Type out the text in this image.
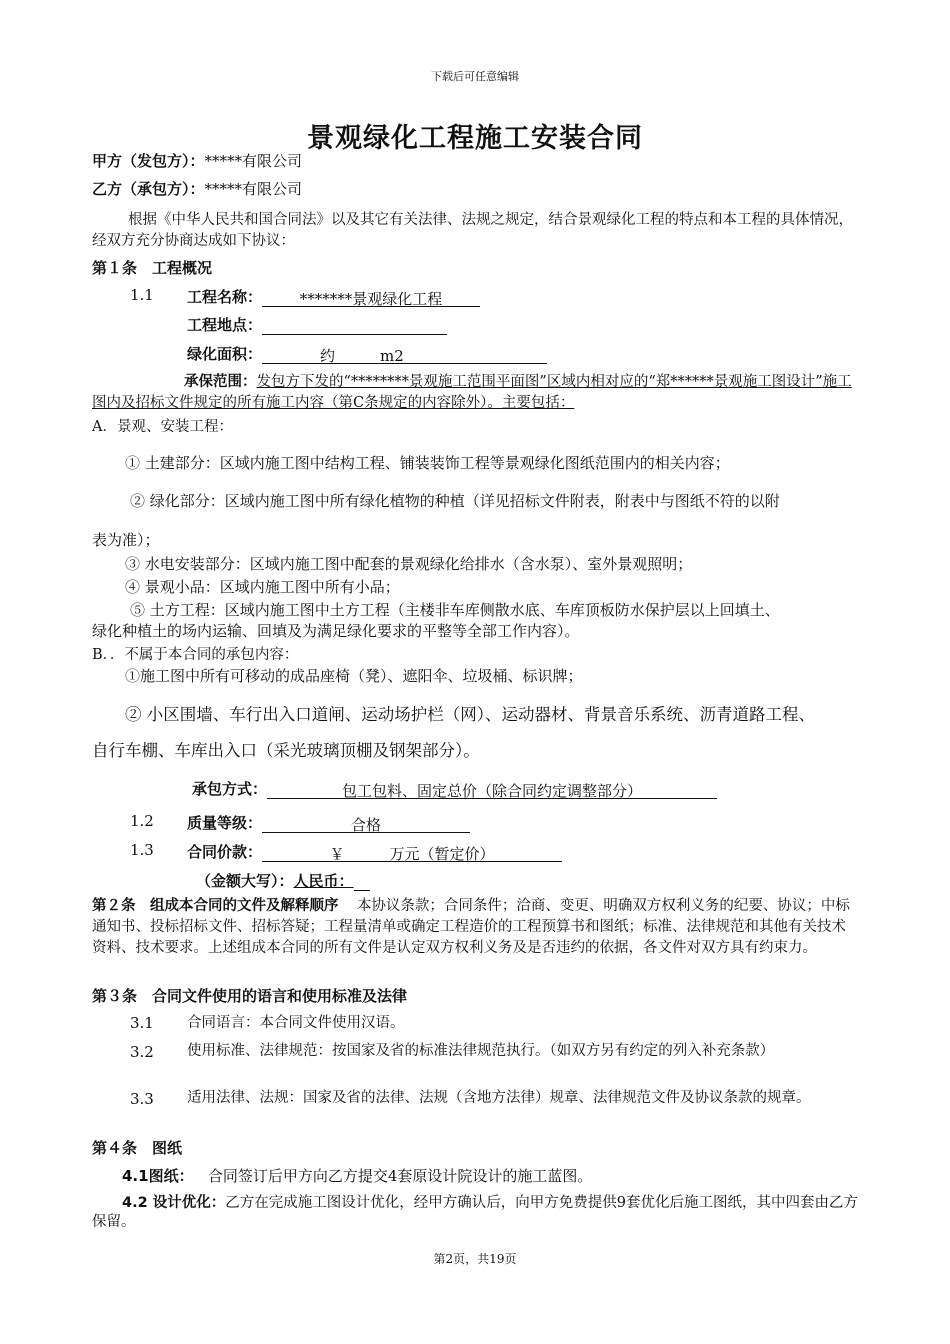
下载后可任意编辑
景观绿化工程施工安装合同
甲方（发包方）：*****有限公司
乙方（承包方）：*****有限公司
根据《中华人民共和国合同法》以及其它有关法律、法规之规定，结合景观绿化工程的特点和本工程的具体情况，经双方充分协商达成如下协议：
第１条　工程概况
1.1 工程名称：	*******景观绿化工程
工程地点：
绿化面积：	约　　　m2
承保范围：发包方下发的“********景观施工范围平面图”区域内相对应的“郑******景观施工图设计”施工图内及招标文件规定的所有施工内容（第C条规定的内容除外）。主要包括：
A．景观、安装工程：
① 土建部分：区域内施工图中结构工程、铺装装饰工程等景观绿化图纸范围内的相关内容；
② 绿化部分：区域内施工图中所有绿化植物的种植（详见招标文件附表，附表中与图纸不符的以附
表为准）；
③ 水电安装部分：区域内施工图中配套的景观绿化给排水（含水泵）、室外景观照明；
④ 景观小品：区域内施工图中所有小品；
⑤ 土方工程：区域内施工图中土方工程（主楼非车库侧散水底、车库顶板防水保护层以上回填土、
绿化种植土的场内运输、回填及为满足绿化要求的平整等全部工作内容）。
B．．不属于本合同的承包内容：
①施工图中所有可移动的成品座椅（凳）、遮阳伞、垃圾桶、标识牌；
② 小区围墙、车行出入口道闸、运动场护栏（网）、运动器材、背景音乐系统、沥青道路工程、
自行车棚、车库出入口（采光玻璃顶棚及钢架部分）。
承包方式：	包工包料、固定总价（除合同约定调整部分）
1.2 质量等级：	合格
1.3 合同价款：	￥　　　万元（暂定价）
（金额大写）：人民币：
第２条　组成本合同的文件及解释顺序 本协议条款；合同条件；洽商、变更、明确双方权利义务的纪要、协议；中标通知书、投标招标文件、招标答疑；工程量清单或确定工程造价的工程预算书和图纸；标准、法律规范和其他有关技术资料、技术要求。上述组成本合同的所有文件是认定双方权利义务及是否违约的依据，各文件对双方具有约束力。
第３条　合同文件使用的语言和使用标准及法律
3.1 合同语言：本合同文件使用汉语。
3.2 使用标准、法律规范：按国家及省的标准法律规范执行。（如双方另有约定的列入补充条款）
3.3 适用法律、法规：国家及省的法律、法规（含地方法律）规章、法律规范文件及协议条款的规章。
第４条　图纸
4.1图纸： 合同签订后甲方向乙方提交4套原设计院设计的施工蓝图。
4.2 设计优化：乙方在完成施工图设计优化，经甲方确认后，向甲方免费提供9套优化后施工图纸，其中四套由乙方保留。
第2页，共19页
